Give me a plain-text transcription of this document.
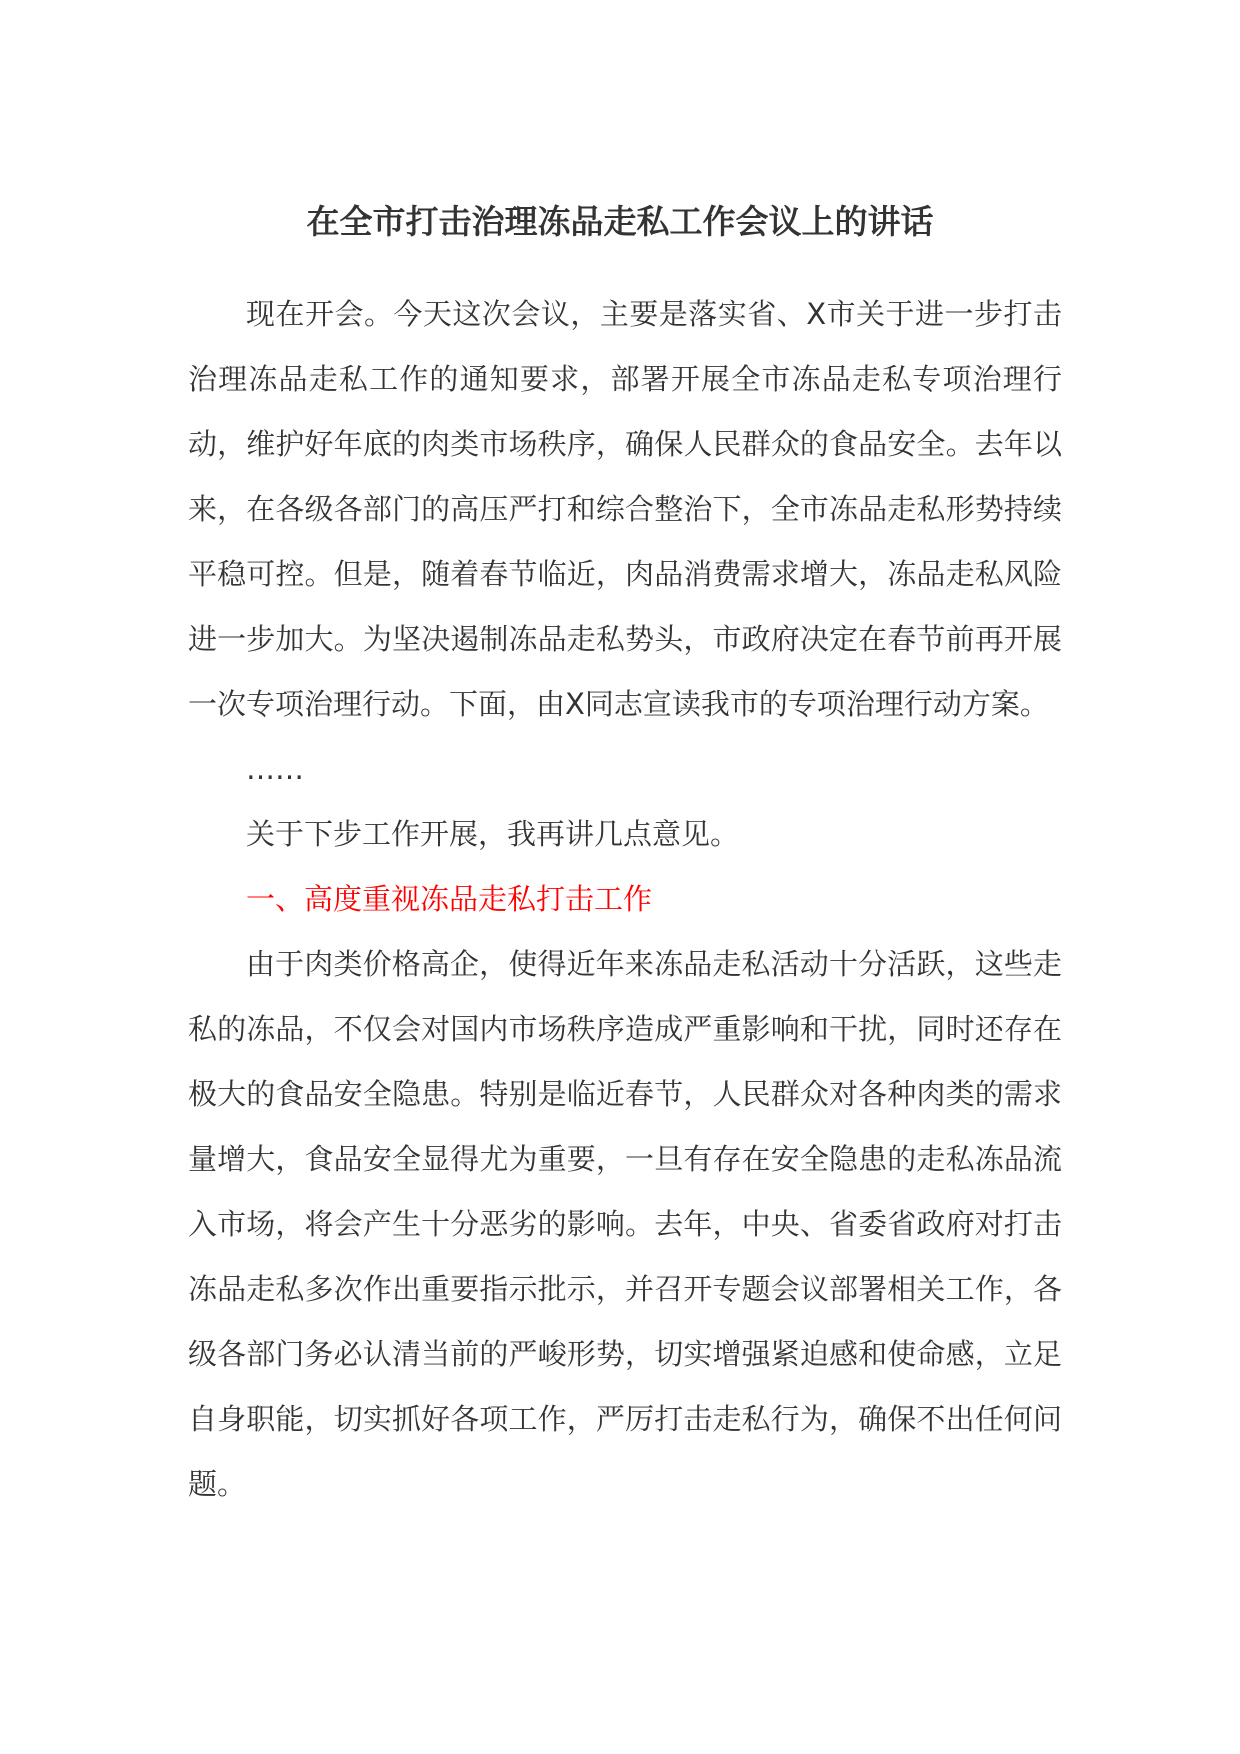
在全市打击治理冻品走私工作会议上的讲话

现在开会。今天这次会议，主要是落实省、X市关于进一步打击治理冻品走私工作的通知要求，部署开展全市冻品走私专项治理行动，维护好年底的肉类市场秩序，确保人民群众的食品安全。去年以来，在各级各部门的高压严打和综合整治下，全市冻品走私形势持续平稳可控。但是，随着春节临近，肉品消费需求增大，冻品走私风险进一步加大。为坚决遏制冻品走私势头，市政府决定在春节前再开展一次专项治理行动。下面，由X同志宣读我市的专项治理行动方案。

……

关于下步工作开展，我再讲几点意见。

一、高度重视冻品走私打击工作

由于肉类价格高企，使得近年来冻品走私活动十分活跃，这些走私的冻品，不仅会对国内市场秩序造成严重影响和干扰，同时还存在极大的食品安全隐患。特别是临近春节，人民群众对各种肉类的需求量增大，食品安全显得尤为重要，一旦有存在安全隐患的走私冻品流入市场，将会产生十分恶劣的影响。去年，中央、省委省政府对打击冻品走私多次作出重要指示批示，并召开专题会议部署相关工作，各级各部门务必认清当前的严峻形势，切实增强紧迫感和使命感，立足自身职能，切实抓好各项工作，严厉打击走私行为，确保不出任何问题。
